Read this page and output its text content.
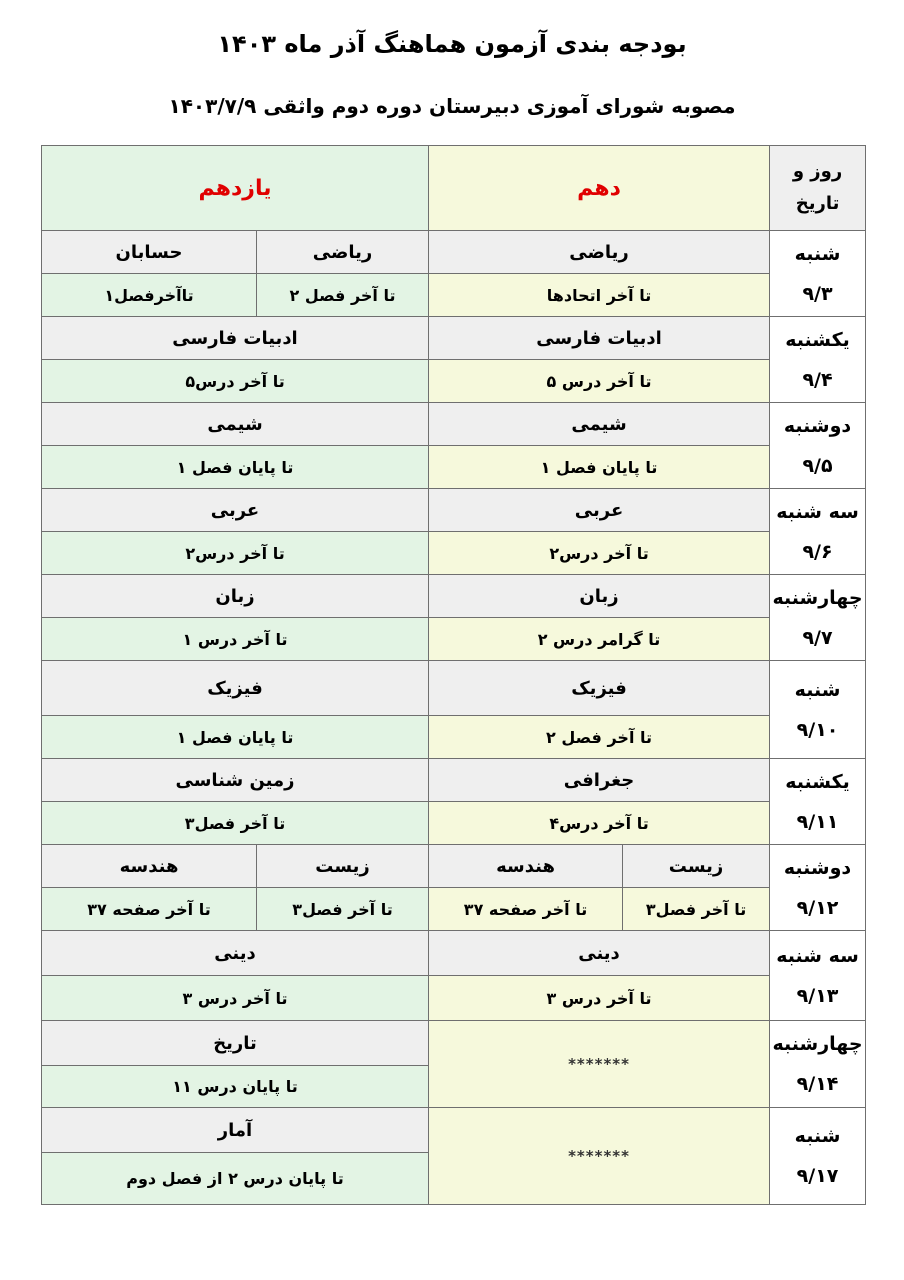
بودجه بندی آزمون هماهنگ آذر ماه ۱۴۰۳
مصوبه شورای آموزی دبیرستان دوره دوم واثقی ۱۴۰۳/۷/۹
روز و
تاریخ	دهم		یازدهم	
شنبه
۹/۳	ریاضی		ریاضی	حسابان
	تا آخر اتحادها		تا آخر فصل ۲	تاآخرفصل۱
یکشنبه
۹/۴	ادبیات فارسی		ادبیات فارسی	
	تا آخر درس ۵		تا آخر درس۵	
دوشنبه
۹/۵	شیمی		شیمی	
	تا پایان فصل ۱		تا پایان فصل ۱	
سه شنبه
۹/۶	عربی		عربی	
	تا آخر درس۲		تا آخر درس۲	
چهارشنبه
۹/۷	زبان		زبان	
	تا گرامر درس ۲		تا آخر درس ۱	
شنبه
۹/۱۰	فیزیک		فیزیک	
	تا آخر فصل ۲		تا پایان فصل ۱	
یکشنبه
۹/۱۱	جغرافی		زمین شناسی	
	تا آخر درس۴		تا آخر فصل۳	
دوشنبه
۹/۱۲	زیست	هندسه	زیست	هندسه
	تا آخر فصل۳	تا آخر صفحه ۳۷	تا آخر فصل۳	تا آخر صفحه ۳۷
سه شنبه
۹/۱۳	دینی		دینی	
	تا آخر درس ۳		تا آخر درس ۳	
چهارشنبه
۹/۱۴	*******		تاریخ	
			تا پایان درس ۱۱	
شنبه
۹/۱۷	*******		آمار	
			تا پایان درس ۲ از فصل دوم	
